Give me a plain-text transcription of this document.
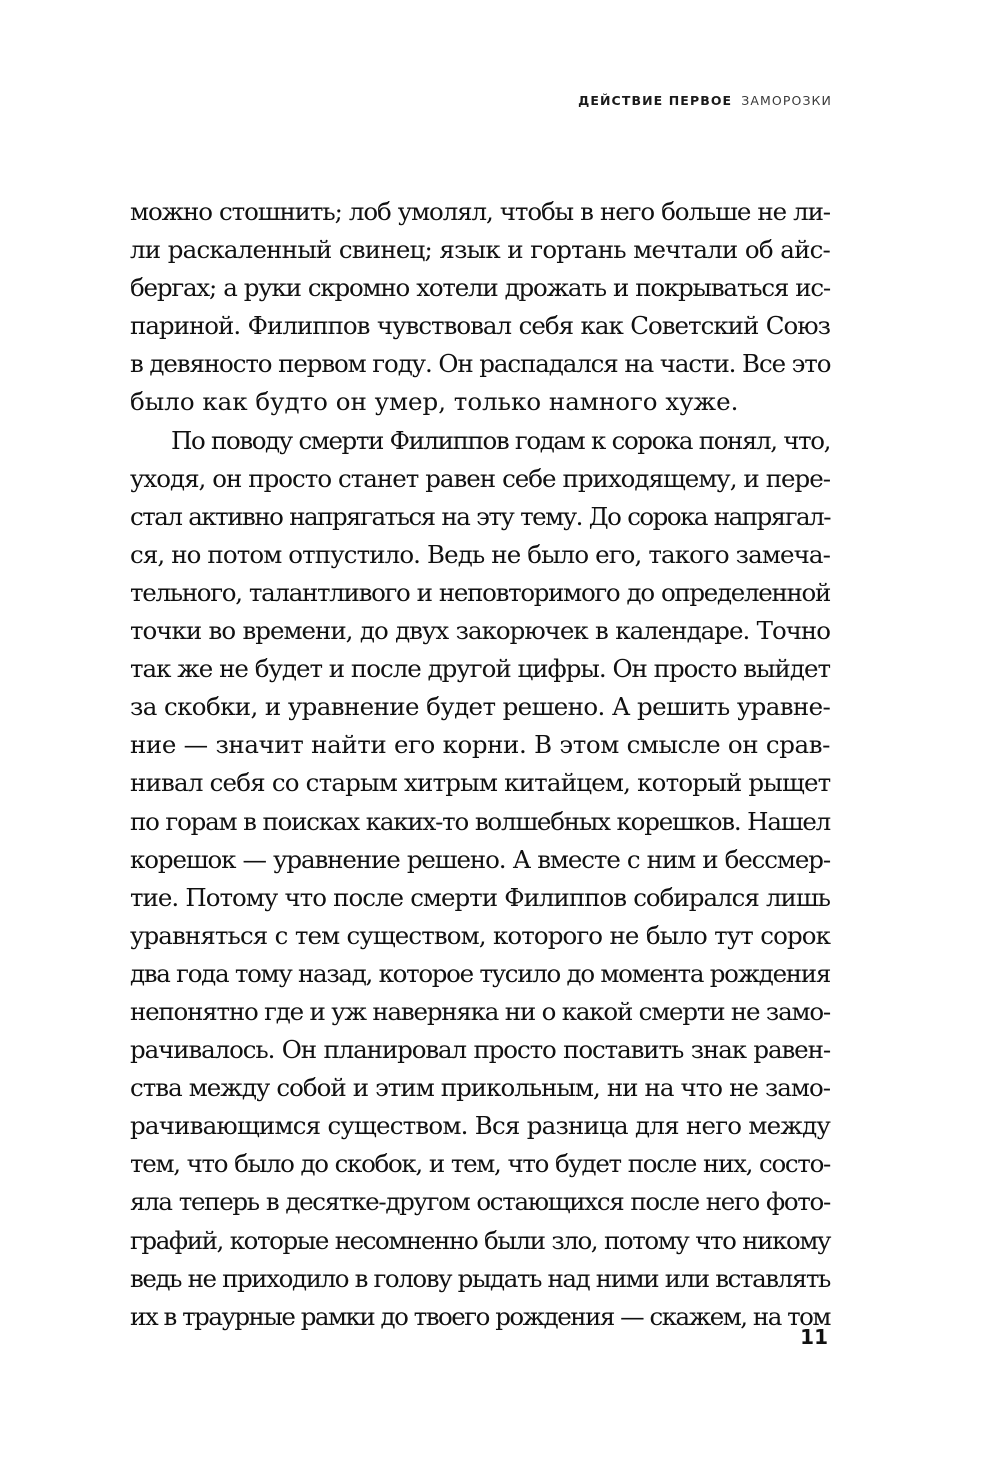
ДЕЙСТВИЕ ПЕРВОЕ ЗАМОРОЗКИ
можно стошнить; лоб умолял, чтобы в него больше не ли-
ли раскаленный свинец; язык и гортань мечтали об айс-
бергах; а руки скромно хотели дрожать и покрываться ис-
париной. Филиппов чувствовал себя как Советский Союз
в девяносто первом году. Он распадался на части. Все это
было как будто он умер, только намного хуже.
По поводу смерти Филиппов годам к сорока понял, что,
уходя, он просто станет равен себе приходящему, и пере-
стал активно напрягаться на эту тему. До сорока напрягал-
ся, но потом отпустило. Ведь не было его, такого замеча-
тельного, талантливого и неповторимого до определенной
точки во времени, до двух закорючек в календаре. Точно
так же не будет и после другой цифры. Он просто выйдет
за скобки, и уравнение будет решено. А решить уравне-
ние — значит найти его корни. В этом смысле он срав-
нивал себя со старым хитрым китайцем, который рыщет
по горам в поисках каких-то волшебных корешков. Нашел
корешок — уравнение решено. А вместе с ним и бессмер-
тие. Потому что после смерти Филиппов собирался лишь
уравняться с тем существом, которого не было тут сорок
два года тому назад, которое тусило до момента рождения
непонятно где и уж наверняка ни о какой смерти не замо-
рачивалось. Он планировал просто поставить знак равен-
ства между собой и этим прикольным, ни на что не замо-
рачивающимся существом. Вся разница для него между
тем, что было до скобок, и тем, что будет после них, состо-
яла теперь в десятке-другом остающихся после него фото-
графий, которые несомненно были зло, потому что никому
ведь не приходило в голову рыдать над ними или вставлять
их в траурные рамки до твоего рождения — скажем, на том
11
